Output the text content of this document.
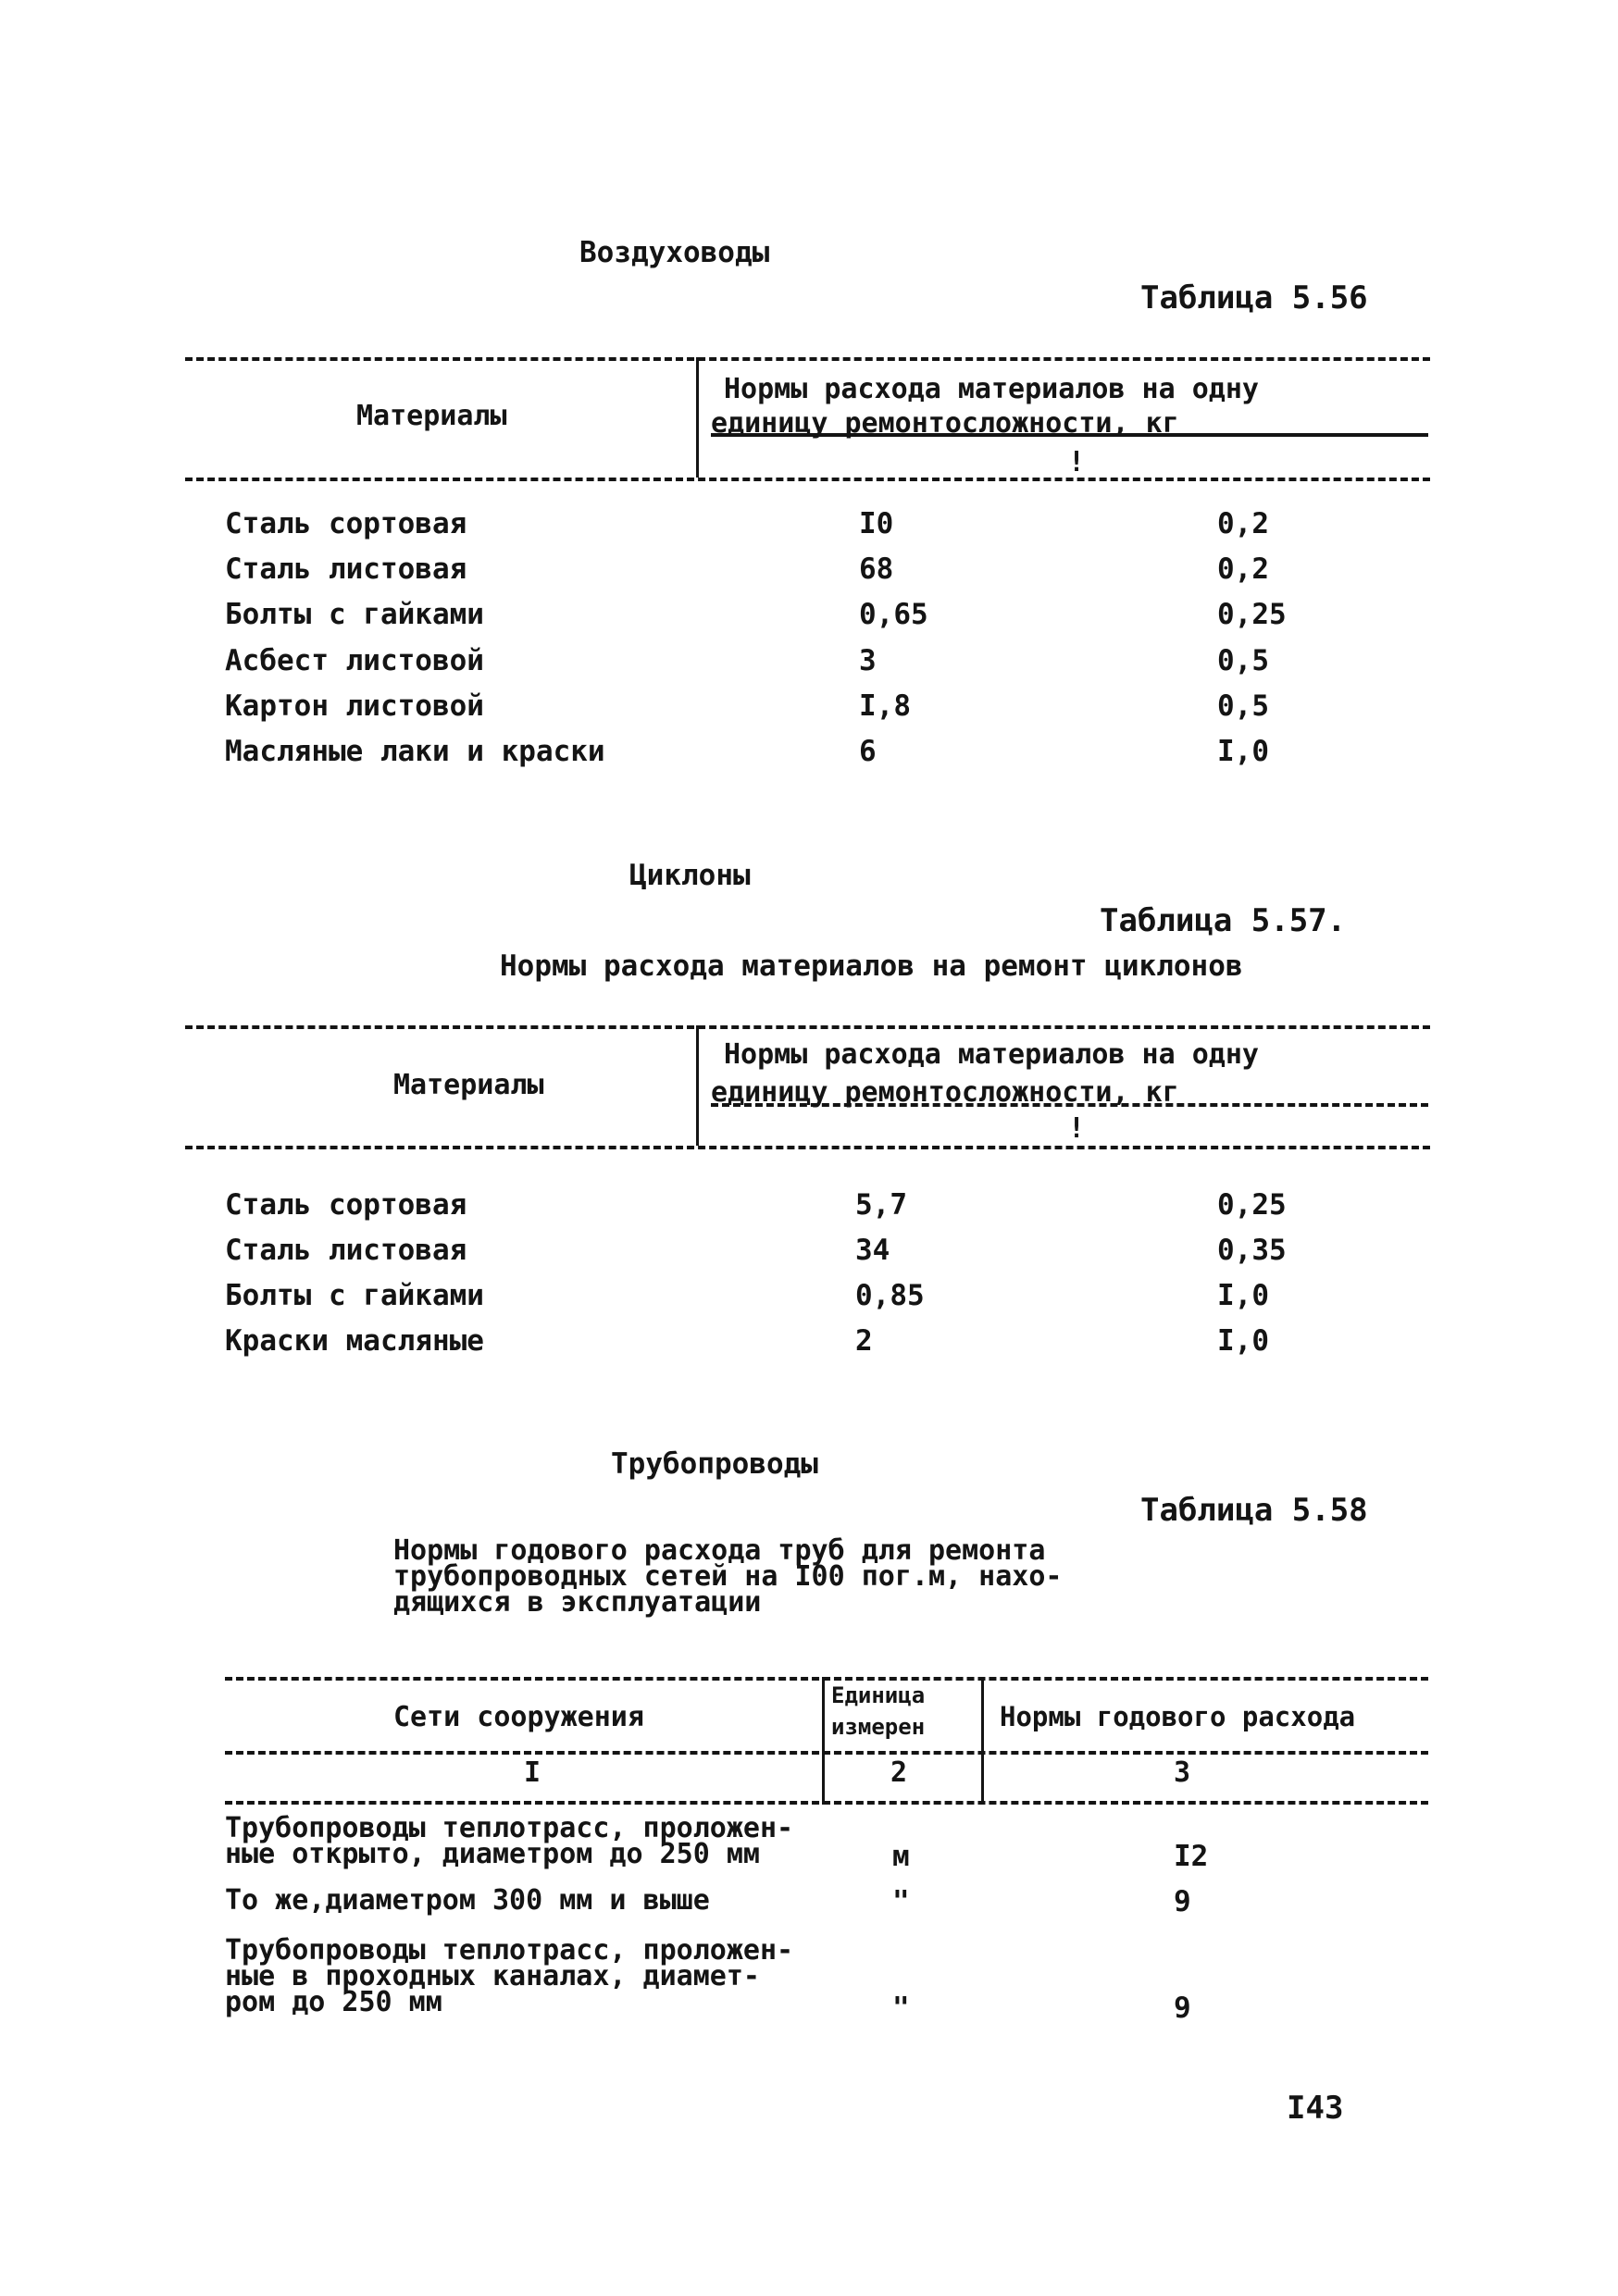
Воздуховоды
Таблица 5.56
Материалы
Нормы расхода материалов на одну
единицу ремонтосложности, кг
!
Сталь сортовая	I0	0,2
Сталь листовая	68	0,2
Болты с гайками	0,65	0,25
Асбест листовой	3	0,5
Картон листовой	I,8	0,5
Масляные лаки и краски	6	I,0
Циклоны
Таблица 5.57.
Нормы расхода материалов на ремонт циклонов
Материалы
Нормы расхода материалов на одну
единицу ремонтосложности, кг
!
Сталь сортовая	5,7	0,25
Сталь листовая	34	0,35
Болты с гайками	0,85	I,0
Краски масляные	2	I,0
Трубопроводы
Таблица 5.58
Нормы годового расхода труб для ремонта
трубопроводных сетей на I00 пог.м, нахо-
дящихся в эксплуатации
Сети сооружения
Единица
измерен	Нормы годового расхода
I	2	3
Трубопроводы теплотрасс, проложен-
ные открыто, диаметром до 250 мм	м	I2
То же,диаметром 300 мм и выше	"	9
Трубопроводы теплотрасс, проложен-
ные в проходных каналах, диамет-
ром до 250 мм	"	9
I43
